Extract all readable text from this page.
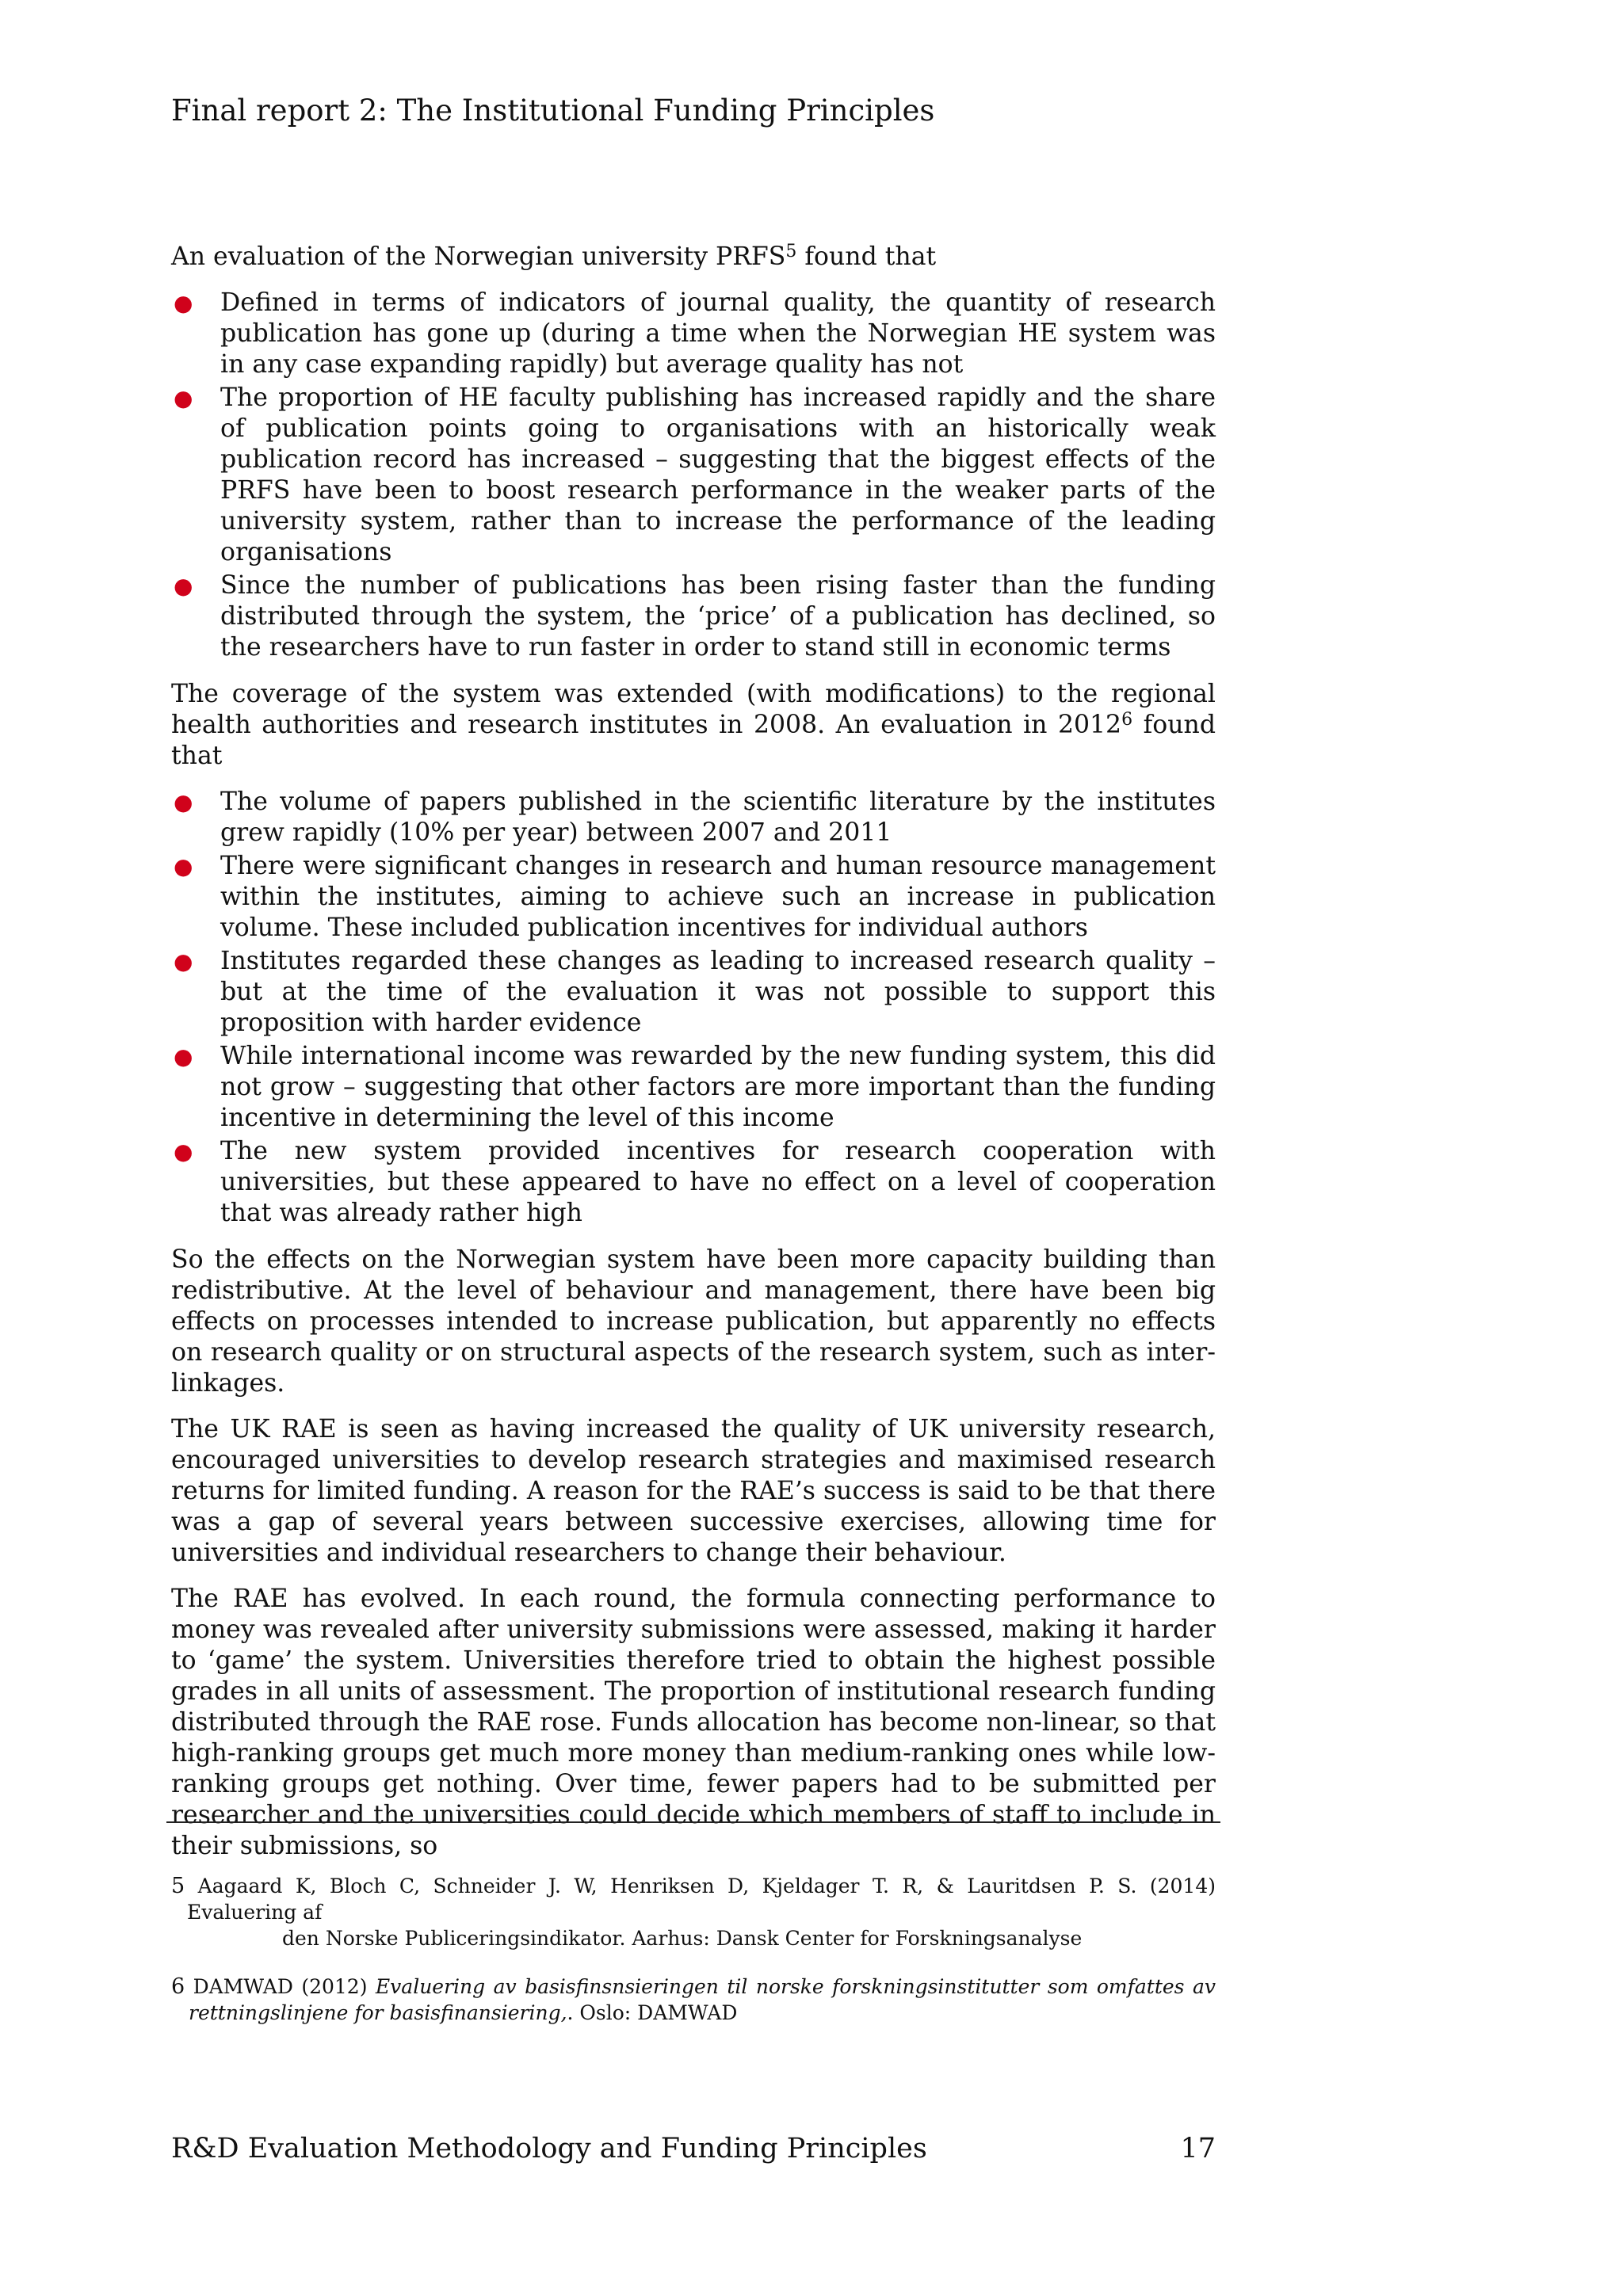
Final report 2: The Institutional Funding Principles

An evaluation of the Norwegian university PRFS$^5$ found that

● Defined in terms of indicators of journal quality, the quantity of research publication has gone up (during a time when the Norwegian HE system was in any case expanding rapidly) but average quality has not
● The proportion of HE faculty publishing has increased rapidly and the share of publication points going to organisations with an historically weak publication record has increased – suggesting that the biggest effects of the PRFS have been to boost research performance in the weaker parts of the university system, rather than to increase the performance of the leading organisations
● Since the number of publications has been rising faster than the funding distributed through the system, the ‘price’ of a publication has declined, so the researchers have to run faster in order to stand still in economic terms

The coverage of the system was extended (with modifications) to the regional health authorities and research institutes in 2008. An evaluation in 2012$^6$ found that

● The volume of papers published in the scientific literature by the institutes grew rapidly (10% per year) between 2007 and 2011
● There were significant changes in research and human resource management within the institutes, aiming to achieve such an increase in publication volume. These included publication incentives for individual authors
● Institutes regarded these changes as leading to increased research quality – but at the time of the evaluation it was not possible to support this proposition with harder evidence
● While international income was rewarded by the new funding system, this did not grow – suggesting that other factors are more important than the funding incentive in determining the level of this income
● The new system provided incentives for research cooperation with universities, but these appeared to have no effect on a level of cooperation that was already rather high

So the effects on the Norwegian system have been more capacity building than redistributive. At the level of behaviour and management, there have been big effects on processes intended to increase publication, but apparently no effects on research quality or on structural aspects of the research system, such as inter-linkages.

The UK RAE is seen as having increased the quality of UK university research, encouraged universities to develop research strategies and maximised research returns for limited funding. A reason for the RAE’s success is said to be that there was a gap of several years between successive exercises, allowing time for universities and individual researchers to change their behaviour.

The RAE has evolved. In each round, the formula connecting performance to money was revealed after university submissions were assessed, making it harder to ‘game’ the system. Universities therefore tried to obtain the highest possible grades in all units of assessment. The proportion of institutional research funding distributed through the RAE rose. Funds allocation has become non-linear, so that high-ranking groups get much more money than medium-ranking ones while low-ranking groups get nothing. Over time, fewer papers had to be submitted per researcher and the universities could decide which members of staff to include in their submissions, so

5 Aagaard K, Bloch C, Schneider J. W, Henriksen D, Kjeldager T. R, & Lauritdsen P. S. (2014) Evaluering af
den Norske Publiceringsindikator. Aarhus: Dansk Center for Forskningsanalyse
6 DAMWAD (2012) Evaluering av basisfinsnsieringen til norske forskningsinstitutter som omfattes av rettningslinjene for basisfinansiering,. Oslo: DAMWAD
R&D Evaluation Methodology and Funding Principles	17
